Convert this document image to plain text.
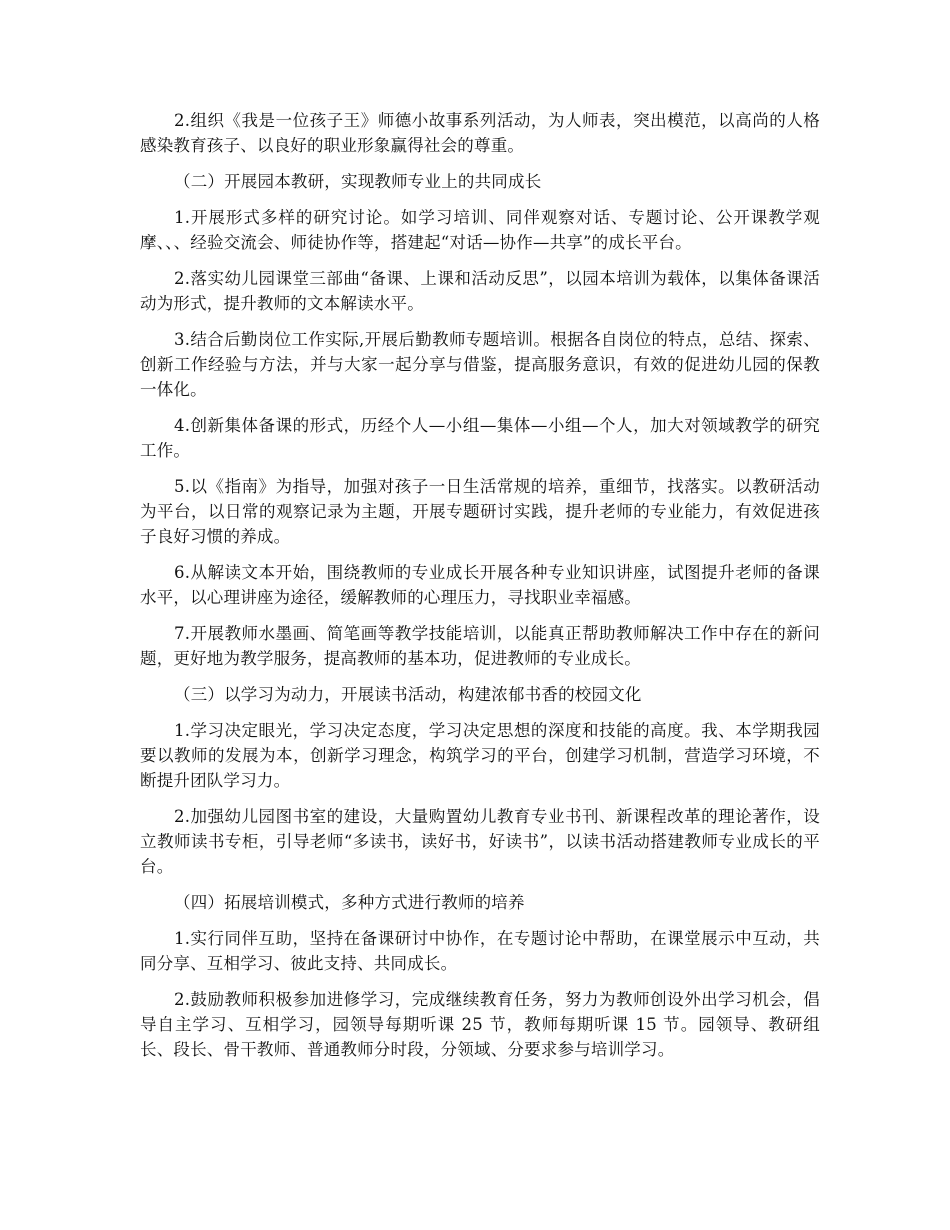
2.组织《我是一位孩子王》师德小故事系列活动，为人师表，突出模范，以高尚的人格感染教育孩子、以良好的职业形象赢得社会的尊重。

（二）开展园本教研，实现教师专业上的共同成长

1.开展形式多样的研究讨论。如学习培训、同伴观察对话、专题讨论、公开课教学观摩、、、经验交流会、师徒协作等，搭建起“对话—协作—共享”的成长平台。

2.落实幼儿园课堂三部曲“备课、上课和活动反思”，以园本培训为载体，以集体备课活动为形式，提升教师的文本解读水平。

3.结合后勤岗位工作实际,开展后勤教师专题培训。根据各自岗位的特点，总结、探索、创新工作经验与方法，并与大家一起分享与借鉴，提高服务意识，有效的促进幼儿园的保教一体化。

4.创新集体备课的形式，历经个人—小组—集体—小组—个人，加大对领域教学的研究工作。

5.以《指南》为指导，加强对孩子一日生活常规的培养，重细节，找落实。以教研活动为平台，以日常的观察记录为主题，开展专题研讨实践，提升老师的专业能力，有效促进孩子良好习惯的养成。

6.从解读文本开始，围绕教师的专业成长开展各种专业知识讲座，试图提升老师的备课水平，以心理讲座为途径，缓解教师的心理压力，寻找职业幸福感。

7.开展教师水墨画、简笔画等教学技能培训，以能真正帮助教师解决工作中存在的新问题，更好地为教学服务，提高教师的基本功，促进教师的专业成长。

（三）以学习为动力，开展读书活动，构建浓郁书香的校园文化

1.学习决定眼光，学习决定态度，学习决定思想的深度和技能的高度。我、本学期我园要以教师的发展为本，创新学习理念，构筑学习的平台，创建学习机制，营造学习环境，不断提升团队学习力。

2.加强幼儿园图书室的建设，大量购置幼儿教育专业书刊、新课程改革的理论著作，设立教师读书专柜，引导老师“多读书，读好书，好读书”，以读书活动搭建教师专业成长的平台。

（四）拓展培训模式，多种方式进行教师的培养

1.实行同伴互助，坚持在备课研讨中协作，在专题讨论中帮助，在课堂展示中互动，共同分享、互相学习、彼此支持、共同成长。

2.鼓励教师积极参加进修学习，完成继续教育任务，努力为教师创设外出学习机会，倡导自主学习、互相学习，园领导每期听课 25 节，教师每期听课 15 节。园领导、教研组长、段长、骨干教师、普通教师分时段，分领域、分要求参与培训学习。
